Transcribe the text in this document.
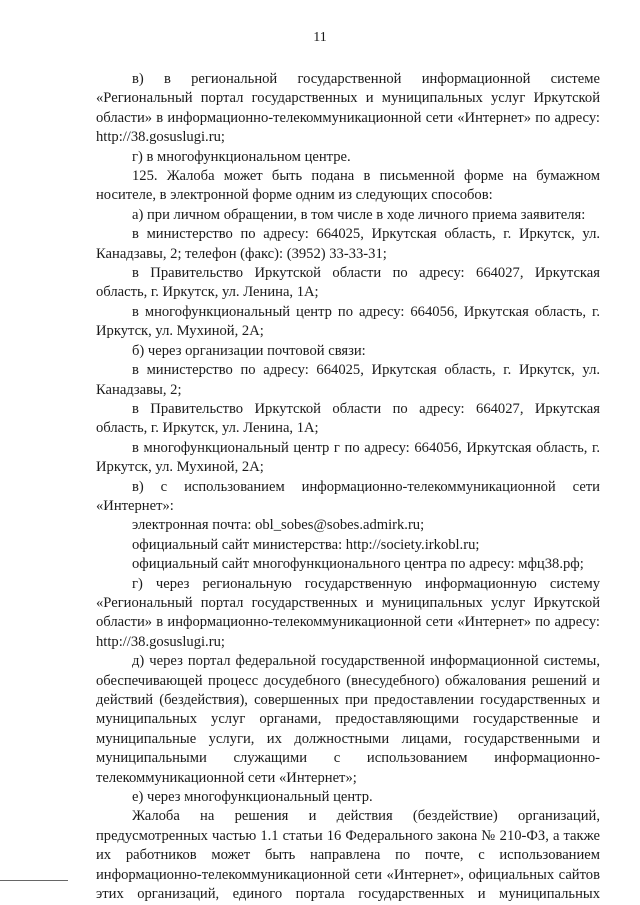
11

в) в региональной государственной информационной системе «Региональный портал государственных и муниципальных услуг Иркутской области» в информационно-телекоммуникационной сети «Интернет» по адресу: http://38.gosuslugi.ru;

г) в многофункциональном центре.

125. Жалоба может быть подана в письменной форме на бумажном носителе, в электронной форме одним из следующих способов:

а) при личном обращении, в том числе в ходе личного приема заявителя:

в министерство по адресу: 664025, Иркутская область, г. Иркутск, ул. Канадзавы, 2; телефон (факс): (3952) 33-33-31;

в Правительство Иркутской области по адресу: 664027, Иркутская область, г. Иркутск, ул. Ленина, 1А;

в многофункциональный центр по адресу: 664056, Иркутская область, г. Иркутск, ул. Мухиной, 2А;

б) через организации почтовой связи:

в министерство по адресу: 664025, Иркутская область, г. Иркутск, ул. Канадзавы, 2;

в Правительство Иркутской области по адресу: 664027, Иркутская область, г. Иркутск, ул. Ленина, 1А;

в многофункциональный центр г по адресу: 664056, Иркутская область, г. Иркутск, ул. Мухиной, 2А;

в) с использованием информационно-телекоммуникационной сети «Интернет»:

электронная почта: obl_sobes@sobes.admirk.ru;

официальный сайт министерства: http://society.irkobl.ru;

официальный сайт многофункционального центра по адресу: мфц38.рф;

г) через региональную государственную информационную систему «Региональный портал государственных и муниципальных услуг Иркутской области» в информационно-телекоммуникационной сети «Интернет» по адресу: http://38.gosuslugi.ru;

д) через портал федеральной государственной информационной системы, обеспечивающей процесс досудебного (внесудебного) обжалования решений и действий (бездействия), совершенных при предоставлении государственных и муниципальных услуг органами, предоставляющими государственные и муниципальные услуги, их должностными лицами, государственными и муниципальными служащими с использованием информационно-телекоммуникационной сети «Интернет»;

е) через многофункциональный центр.

Жалоба на решения и действия (бездействие) организаций, предусмотренных частью 1.1 статьи 16 Федерального закона № 210-ФЗ, а также их работников может быть направлена по почте, с использованием информационно-телекоммуникационной сети «Интернет», официальных сайтов этих организаций, единого портала государственных и муниципальных
